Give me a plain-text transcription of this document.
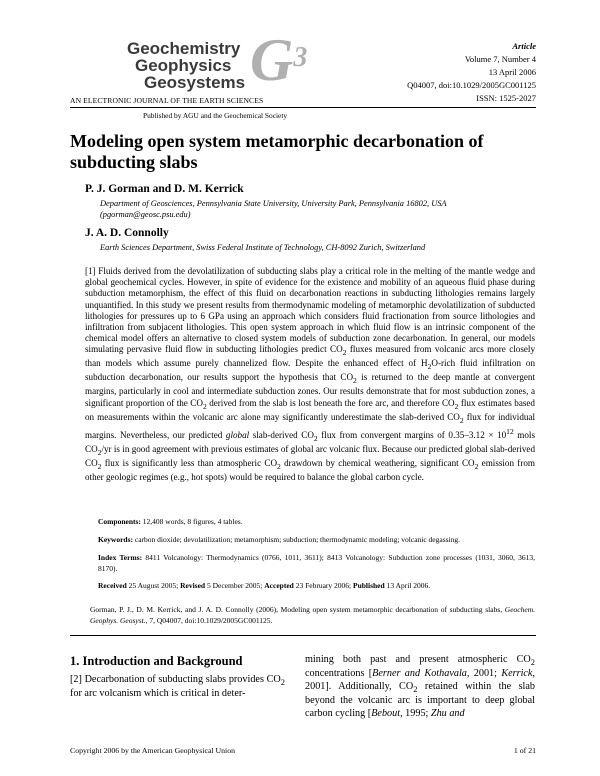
Geochemistry
Geophysics
Geosystems $G^3$	Article
Volume 7, Number 4
13 April 2006
Q04007, doi:10.1029/2005GC001125
ISSN: 1525-2027
AN ELECTRONIC JOURNAL OF THE EARTH SCIENCES
Published by AGU and the Geochemical Society
Modeling open system metamorphic decarbonation of subducting slabs
P. J. Gorman and D. M. Kerrick
Department of Geosciences, Pennsylvania State University, University Park, Pennsylvania 16802, USA
(pgorman@geosc.psu.edu)
J. A. D. Connolly
Earth Sciences Department, Swiss Federal Institute of Technology, CH-8092 Zurich, Switzerland
[1] Fluids derived from the devolatilization of subducting slabs play a critical role in the melting of the mantle wedge and global geochemical cycles. However, in spite of evidence for the existence and mobility of an aqueous fluid phase during subduction metamorphism, the effect of this fluid on decarbonation reactions in subducting lithologies remains largely unquantified. In this study we present results from thermodynamic modeling of metamorphic devolatilization of subducted lithologies for pressures up to 6 GPa using an approach which considers fluid fractionation from source lithologies and infiltration from subjacent lithologies. This open system approach in which fluid flow is an intrinsic component of the chemical model offers an alternative to closed system models of subduction zone decarbonation. In general, our models simulating pervasive fluid flow in subducting lithologies predict $CO_2$ fluxes measured from volcanic arcs more closely than models which assume purely channelized flow. Despite the enhanced effect of $H_2O$-rich fluid infiltration on subduction decarbonation, our results support the hypothesis that $CO_2$ is returned to the deep mantle at convergent margins, particularly in cool and intermediate subduction zones. Our results demonstrate that for most subduction zones, a significant proportion of the $CO_2$ derived from the slab is lost beneath the fore arc, and therefore $CO_2$ flux estimates based on measurements within the volcanic arc alone may significantly underestimate the slab-derived $CO_2$ flux for individual margins. Nevertheless, our predicted global slab-derived $CO_2$ flux from convergent margins of $0.35-3.12 \times 10^{12}$ mols $CO_2/yr$ is in good agreement with previous estimates of global arc volcanic flux. Because our predicted global slab-derived $CO_2$ flux is significantly less than atmospheric $CO_2$ drawdown by chemical weathering, significant $CO_2$ emission from other geologic regimes (e.g., hot spots) would be required to balance the global carbon cycle.
Components: 12,408 words, 8 figures, 4 tables.
Keywords: carbon dioxide; devolatilization; metamorphism; subduction; thermodynamic modeling; volcanic degassing.
Index Terms: 8411 Volcanology: Thermodynamics (0766, 1011, 3611); 8413 Volcanology: Subduction zone processes (1031, 3060, 3613, 8170).
Received 25 August 2005; Revised 5 December 2005; Accepted 23 February 2006; Published 13 April 2006.
Gorman, P. J., D. M. Kerrick, and J. A. D. Connolly (2006), Modeling open system metamorphic decarbonation of subducting slabs, Geochem. Geophys. Geosyst., 7, Q04007, doi:10.1029/2005GC001125.
1. Introduction and Background
[2] Decarbonation of subducting slabs provides $CO_2$ for arc volcanism which is critical in deter-
mining both past and present atmospheric $CO_2$ concentrations [Berner and Kothavala, 2001; Kerrick, 2001]. Additionally, $CO_2$ retained within the slab beyond the volcanic arc is important to deep global carbon cycling [Bebout, 1995; Zhu and
Copyright 2006 by the American Geophysical Union	1 of 21
